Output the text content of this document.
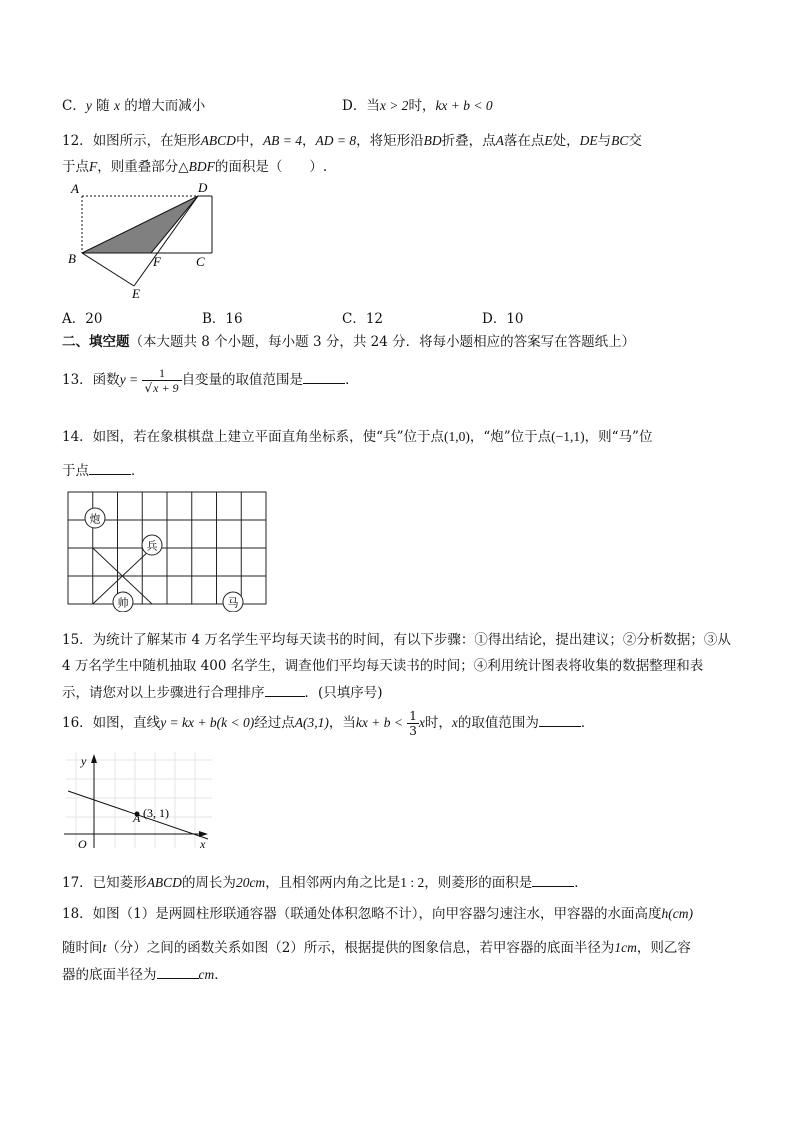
C．y 随 x 的增大而减小	D．当x > 2时，kx + b < 0
12．如图所示，在矩形ABCD中，AB = 4，AD = 8，将矩形沿BD折叠，点A落在点E处，DE与BC交
于点F，则重叠部分△BDF的面积是（　　）.
A	D
B	F	C
E
A．20	B．16	C．12	D．10
二、填空题（本大题共 8 个小题，每小题 3 分，共 24 分．将每小题相应的答案写在答题纸上）
13．函数$y = \frac{1}{√x + 9}$ 自变量的取值范围是	．
14．如图，若在象棋棋盘上建立平面直角坐标系，使“兵”位于点(1,0)，“炮”位于点(−1,1)，则“马”位
于点	．
炮
兵
帅	马
15．为统计了解某市 4 万名学生平均每天读书的时间，有以下步骤：①得出结论，提出建议；②分析数据；③从
4 万名学生中随机抽取 400 名学生，调查他们平均每天读书的时间；④利用统计图表将收集的数据整理和表
示，请您对以上步骤进行合理排序	．(只填序号)
16．如图，直线y = kx + b(k < 0)经过点A(3,1)，当kx + $b < \frac{1}{3}$ x时，x的取值范围为	．
y
x
O
A (3, 1)
17．已知菱形ABCD的周长为20cm，且相邻两内角之比是1 : 2，则菱形的面积是	．
18．如图（1）是两圆柱形联通容器（联通处体积忽略不计），向甲容器匀速注水，甲容器的水面高度h(cm)
随时间t（分）之间的函数关系如图（2）所示，根据提供的图象信息，若甲容器的底面半径为1cm，则乙容
器的底面半径为	cm．
